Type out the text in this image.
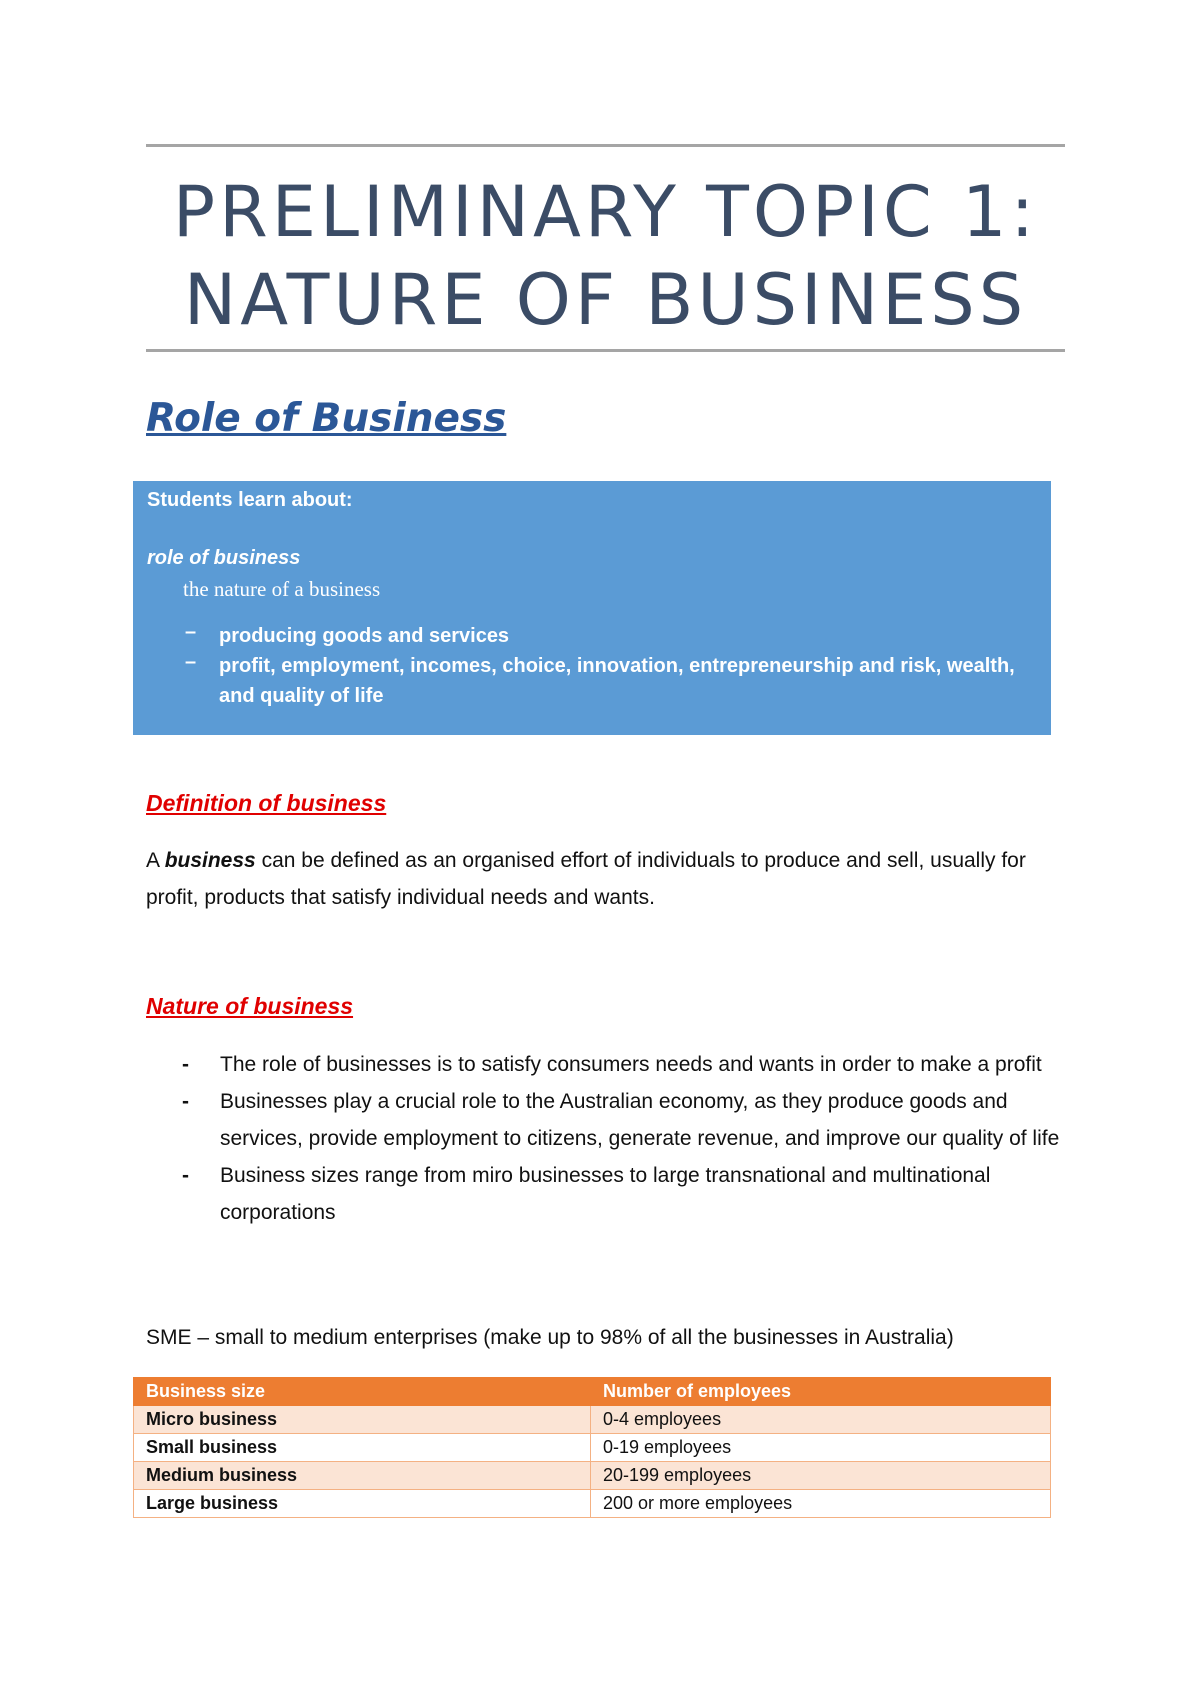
PRELIMINARY TOPIC 1:
NATURE OF BUSINESS
Role of Business
Students learn about:
role of business
the nature of a business
– producing goods and services
– profit, employment, incomes, choice, innovation, entrepreneurship and risk, wealth, and quality of life
Definition of business

A business can be defined as an organised effort of individuals to produce and sell, usually for profit, products that satisfy individual needs and wants.

Nature of business
- The role of businesses is to satisfy consumers needs and wants in order to make a profit
- Businesses play a crucial role to the Australian economy, as they produce goods and services, provide employment to citizens, generate revenue, and improve our quality of life
- Business sizes range from miro businesses to large transnational and multinational corporations

SME – small to medium enterprises (make up to 98% of all the businesses in Australia)

Business size	Number of employees
Micro business	0-4 employees
Small business	0-19 employees
Medium business	20-199 employees
Large business	200 or more employees
